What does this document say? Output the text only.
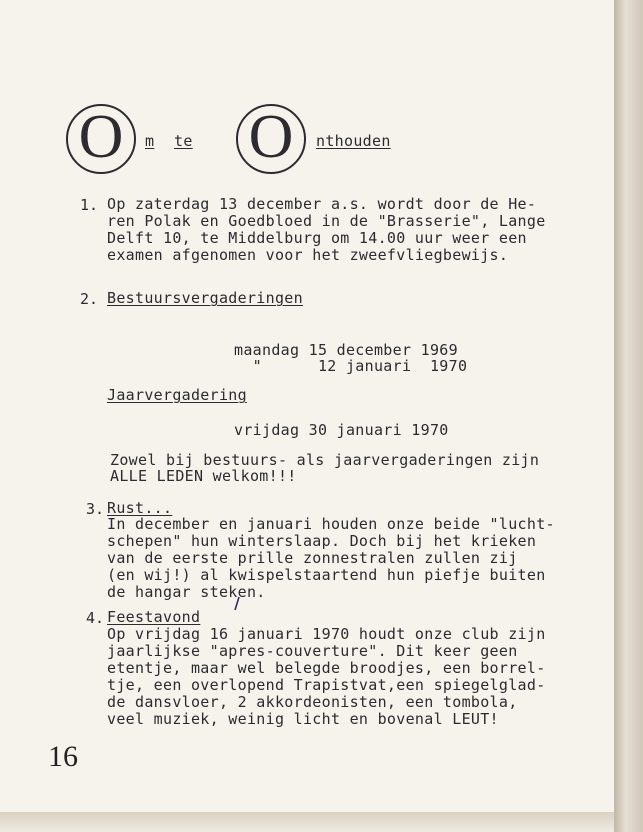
O m te O nthouden
1. Op zaterdag 13 december a.s. wordt door de He-
ren Polak en Goedbloed in de "Brasserie", Lange
Delft 10, te Middelburg om 14.00 uur weer een
examen afgenomen voor het zweefvliegbewijs.
2. Bestuursvergaderingen
maandag 15 december 1969
"      12 januari  1970
Jaarvergadering
vrijdag 30 januari 1970
Zowel bij bestuurs- als jaarvergaderingen zijn
ALLE LEDEN welkom!!!
3. Rust...
In december en januari houden onze beide "lucht-
schepen" hun winterslaap. Doch bij het krieken
van de eerste prille zonnestralen zullen zij
(en wij!) al kwispelstaartend hun piefje buiten
de hangar steken.
4. Feestavond
Op vrijdag 16 januari 1970 houdt onze club zijn
jaarlijkse "apres-couverture". Dit keer geen
etentje, maar wel belegde broodjes, een borrel-
tje, een overlopend Trapistvat,een spiegelglad-
de dansvloer, 2 akkordeonisten, een tombola,
veel muziek, weinig licht en bovenal LEUT!
16
